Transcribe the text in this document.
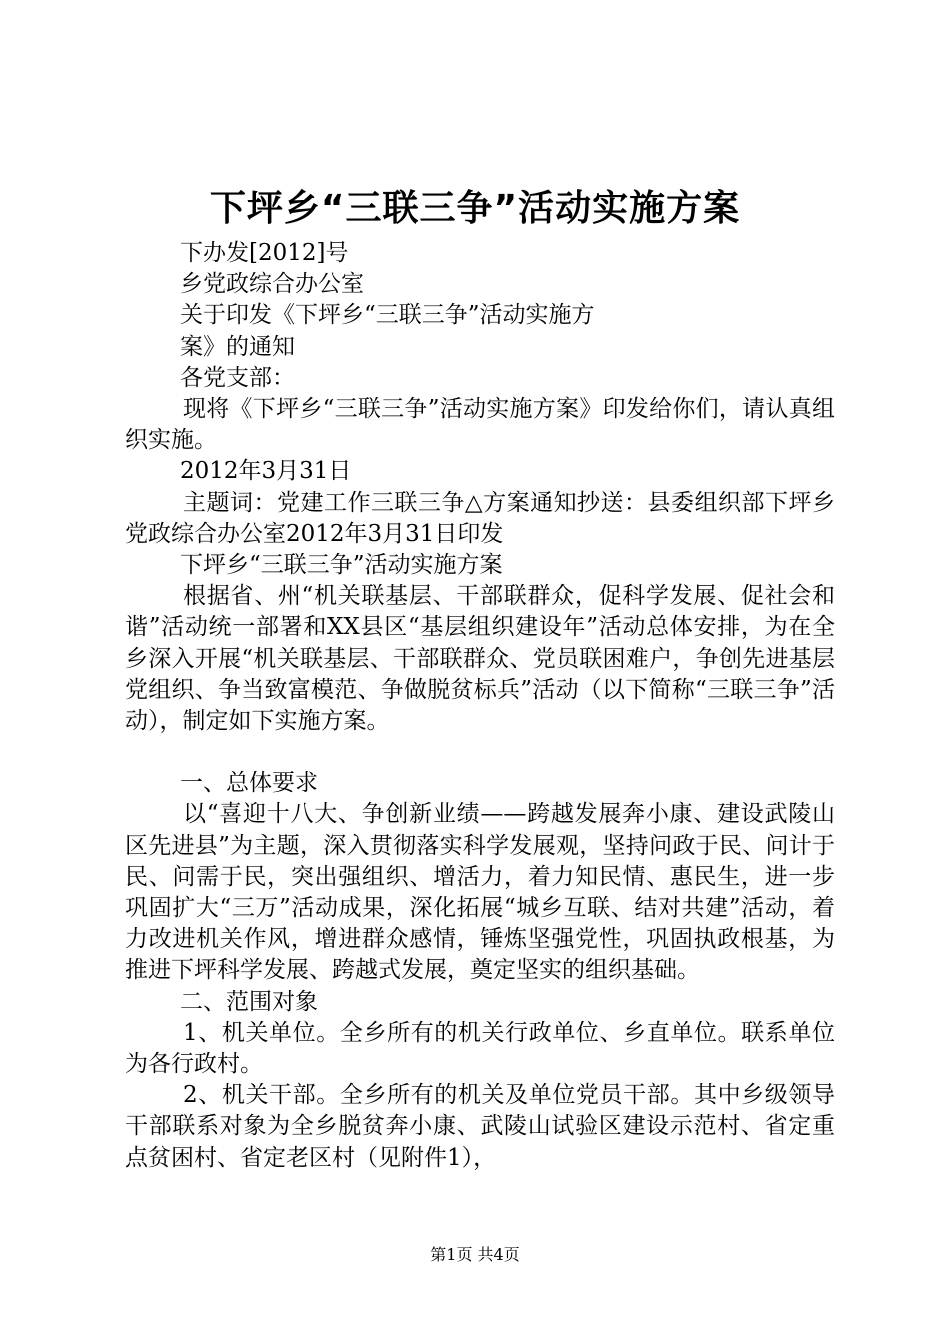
下坪乡“三联三争”活动实施方案
下办发[2012]号
乡党政综合办公室
关于印发《下坪乡“三联三争”活动实施方
案》的通知
各党支部：
现将《下坪乡“三联三争”活动实施方案》印发给你们，请认真组织实施。
2012年3月31日
主题词：党建工作三联三争△方案通知抄送：县委组织部下坪乡党政综合办公室2012年3月31日印发
下坪乡“三联三争”活动实施方案
根据省、州“机关联基层、干部联群众，促科学发展、促社会和谐”活动统一部署和XX县区“基层组织建设年”活动总体安排，为在全乡深入开展“机关联基层、干部联群众、党员联困难户，争创先进基层党组织、争当致富模范、争做脱贫标兵”活动（以下简称“三联三争”活动），制定如下实施方案。
一、总体要求
以“喜迎十八大、争创新业绩——跨越发展奔小康、建设武陵山区先进县”为主题，深入贯彻落实科学发展观，坚持问政于民、问计于民、问需于民，突出强组织、增活力，着力知民情、惠民生，进一步巩固扩大“三万”活动成果，深化拓展“城乡互联、结对共建”活动，着力改进机关作风，增进群众感情，锤炼坚强党性，巩固执政根基，为推进下坪科学发展、跨越式发展，奠定坚实的组织基础。
二、范围对象
1、机关单位。全乡所有的机关行政单位、乡直单位。联系单位为各行政村。
2、机关干部。全乡所有的机关及单位党员干部。其中乡级领导干部联系对象为全乡脱贫奔小康、武陵山试验区建设示范村、省定重点贫困村、省定老区村（见附件1），
第1页 共4页
